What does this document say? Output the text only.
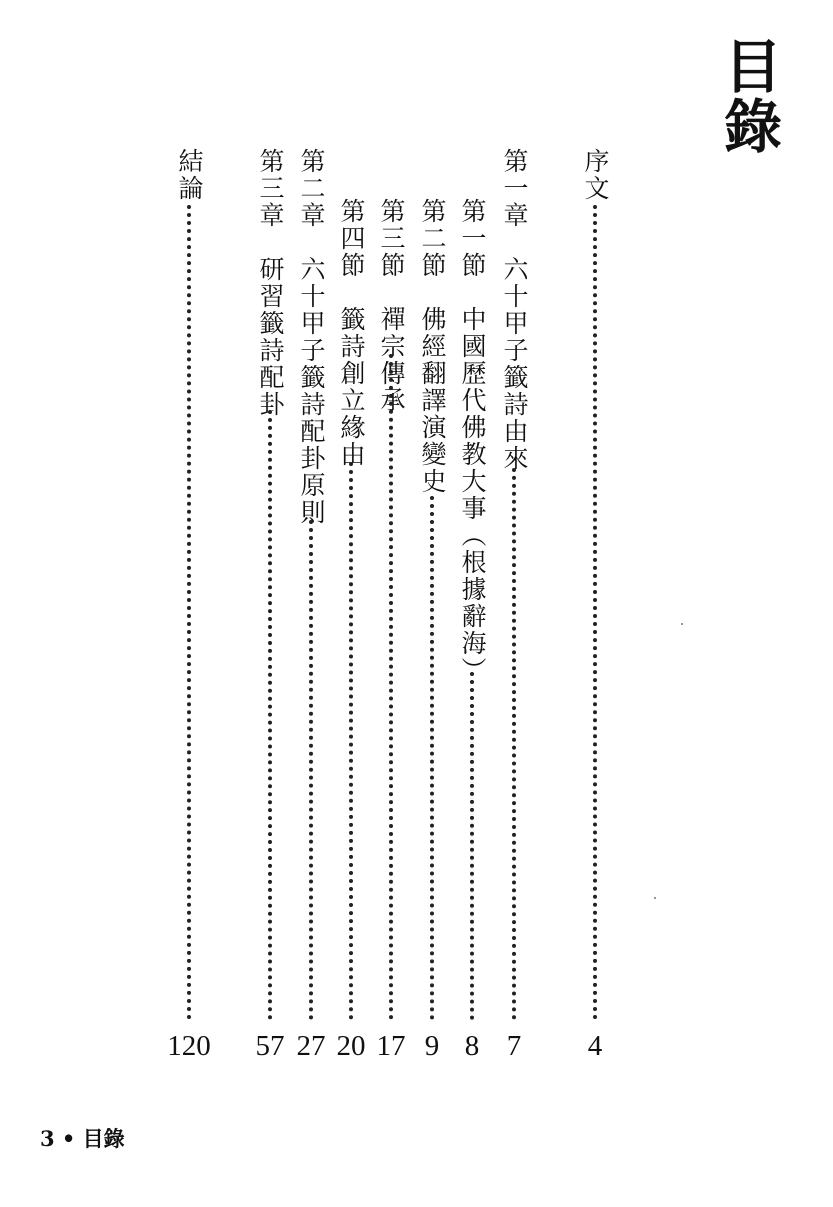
目錄
序文
4
第一章　六十甲子籤詩由來
7
第一節　中國歷代佛教大事（根據辭海）
8
第二節　佛經翻譯演變史
9
第三節　禪宗傳承
17
第四節　籤詩創立緣由
20
第二章　六十甲子籤詩配卦原則
27
第三章　研習籤詩配卦
57
結論
120
3 • 目錄
